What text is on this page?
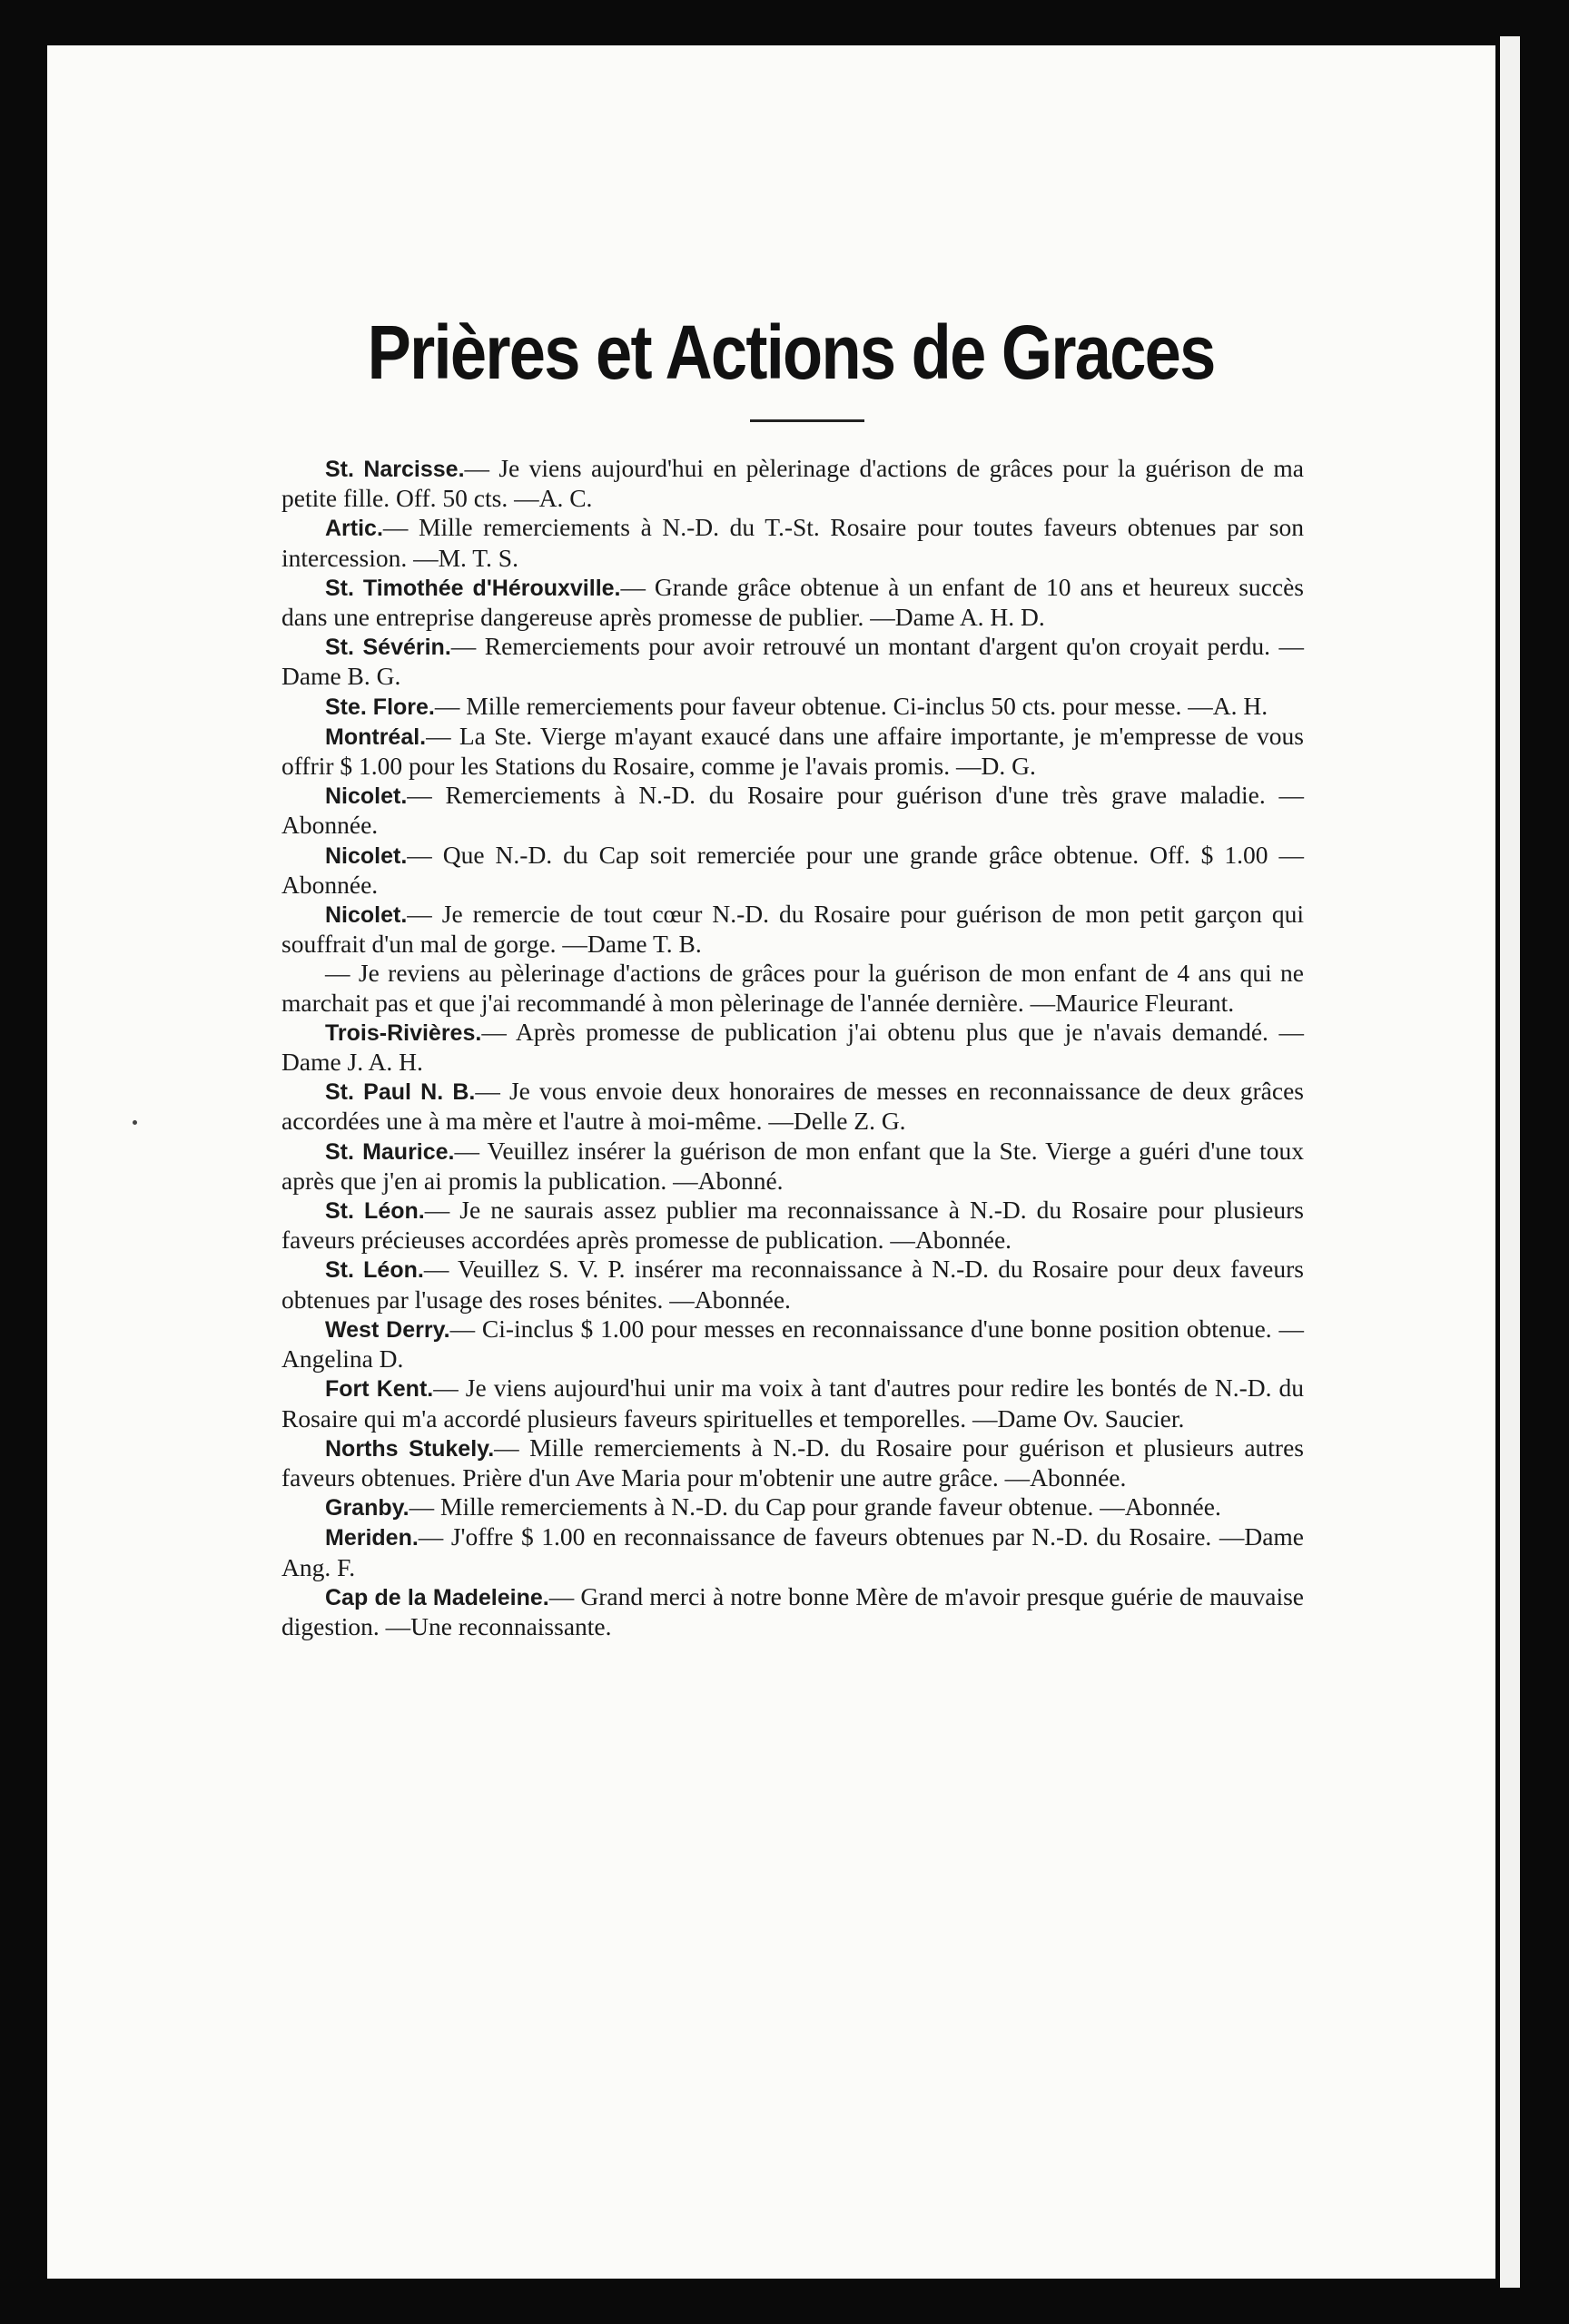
Prières et Actions de Graces

St. Narcisse.— Je viens aujourd'hui en pèlerinage d'actions de grâces pour la guérison de ma petite fille. Off. 50 cts. —A. C.

Artic.— Mille remerciements à N.-D. du T.-St. Rosaire pour toutes faveurs obtenues par son intercession. —M. T. S.

St. Timothée d'Hérouxville.— Grande grâce obtenue à un enfant de 10 ans et heureux succès dans une entreprise dangereuse après promesse de publier. —Dame A. H. D.

St. Sévérin.— Remerciements pour avoir retrouvé un montant d'argent qu'on croyait perdu. —Dame B. G.

Ste. Flore.— Mille remerciements pour faveur obtenue. Ci-inclus 50 cts. pour messe. —A. H.

Montréal.— La Ste. Vierge m'ayant exaucé dans une affaire importante, je m'empresse de vous offrir $ 1.00 pour les Stations du Rosaire, comme je l'avais promis. —D. G.

Nicolet.— Remerciements à N.-D. du Rosaire pour guérison d'une très grave maladie. —Abonnée.

Nicolet.— Que N.-D. du Cap soit remerciée pour une grande grâce obtenue. Off. $ 1.00 —Abonnée.

Nicolet.— Je remercie de tout cœur N.-D. du Rosaire pour guérison de mon petit garçon qui souffrait d'un mal de gorge. —Dame T. B.

— Je reviens au pèlerinage d'actions de grâces pour la guérison de mon enfant de 4 ans qui ne marchait pas et que j'ai recommandé à mon pèlerinage de l'année dernière. —Maurice Fleurant.

Trois-Rivières.— Après promesse de publication j'ai obtenu plus que je n'avais demandé. —Dame J. A. H.

St. Paul N. B.— Je vous envoie deux honoraires de messes en reconnaissance de deux grâces accordées une à ma mère et l'autre à moi-même. —Delle Z. G.

St. Maurice.— Veuillez insérer la guérison de mon enfant que la Ste. Vierge a guéri d'une toux après que j'en ai promis la publication. —Abonné.

St. Léon.— Je ne saurais assez publier ma reconnaissance à N.-D. du Rosaire pour plusieurs faveurs précieuses accordées après promesse de publication. —Abonnée.

St. Léon.— Veuillez S. V. P. insérer ma reconnaissance à N.-D. du Rosaire pour deux faveurs obtenues par l'usage des roses bénites. —Abonnée.

West Derry.— Ci-inclus $ 1.00 pour messes en reconnaissance d'une bonne position obtenue. —Angelina D.

Fort Kent.— Je viens aujourd'hui unir ma voix à tant d'autres pour redire les bontés de N.-D. du Rosaire qui m'a accordé plusieurs faveurs spirituelles et temporelles. —Dame Ov. Saucier.

Norths Stukely.— Mille remerciements à N.-D. du Rosaire pour guérison et plusieurs autres faveurs obtenues. Prière d'un Ave Maria pour m'obtenir une autre grâce. —Abonnée.

Granby.— Mille remerciements à N.-D. du Cap pour grande faveur obtenue. —Abonnée.

Meriden.— J'offre $ 1.00 en reconnaissance de faveurs obtenues par N.-D. du Rosaire. —Dame Ang. F.

Cap de la Madeleine.— Grand merci à notre bonne Mère de m'avoir presque guérie de mauvaise digestion. —Une reconnaissante.
